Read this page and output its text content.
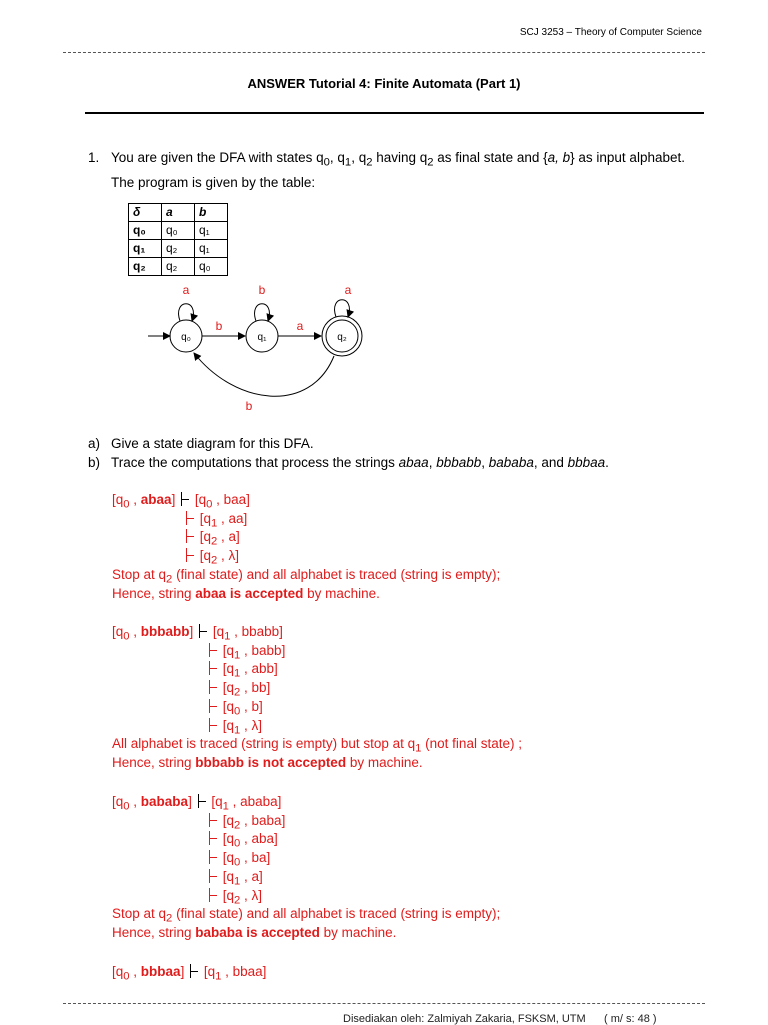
SCJ 3253 – Theory of Computer Science
ANSWER Tutorial 4: Finite Automata (Part 1)
1. You are given the DFA with states $q_0$, $q_1$, $q_2$ having $q_2$ as final state and {a, b} as input alphabet. The program is given by the table:
δ	a	b
q₀	q₀	q₁
q₁	q₂	q₁
q₂	q₂	q₀
q₀	q₁	q₂
a	b	a
b	a
b
a) Give a state diagram for this DFA.
b) Trace the computations that process the strings abaa, bbbabb, bababa, and bbbaa.
[$q_0$ , abaa] [$q_0$ , baa]
[$q_1$ , aa]
[$q_2$ , a]
[$q_2$ , λ]
Stop at $q_2$ (final state) and all alphabet is traced (string is empty);
Hence, string abaa is accepted by machine.
[$q_0$ , bbbabb] [$q_1$ , bbabb]
[$q_1$ , babb]
[$q_1$ , abb]
[$q_2$ , bb]
[$q_0$ , b]
[$q_1$ , λ]
All alphabet is traced (string is empty) but stop at $q_1$ (not final state) ;
Hence, string bbbabb is not accepted by machine.
[$q_0$ , bababa] [$q_1$ , ababa]
[$q_2$ , baba]
[$q_0$ , aba]
[$q_0$ , ba]
[$q_1$ , a]
[$q_2$ , λ]
Stop at $q_2$ (final state) and all alphabet is traced (string is empty);
Hence, string bababa is accepted by machine.
[$q_0$ , bbbaa] [$q_1$ , bbaa]
Disediakan oleh: Zalmiyah Zakaria, FSKSM, UTM ( m/ s: 48 )
